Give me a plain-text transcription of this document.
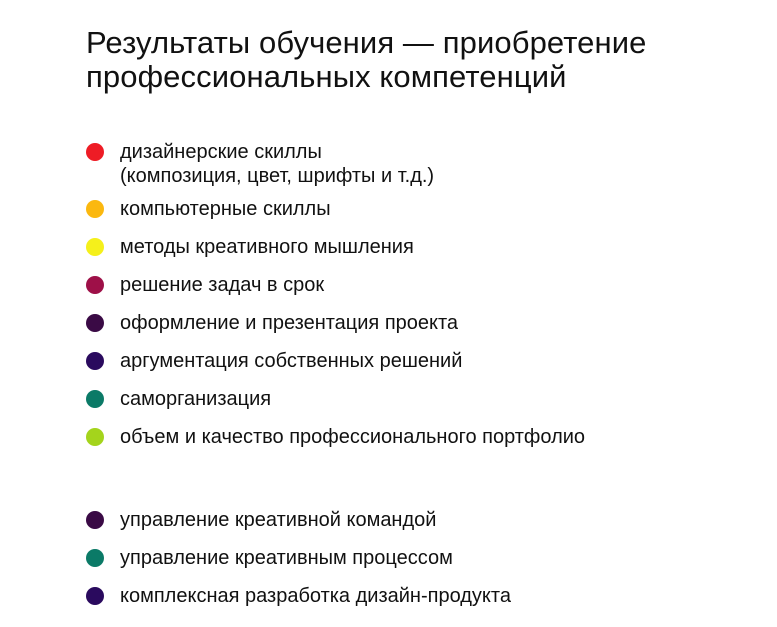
Результаты обучения — приобретение
профессиональных компетенций
дизайнерские скиллы
(композиция, цвет, шрифты и т.д.)
компьютерные скиллы
методы креативного мышления
решение задач в срок
оформление и презентация проекта
аргументация собственных решений
саморганизация
объем и качество профессионального портфолио
управление креативной командой
управление креативным процессом
комплексная разработка дизайн-продукта
